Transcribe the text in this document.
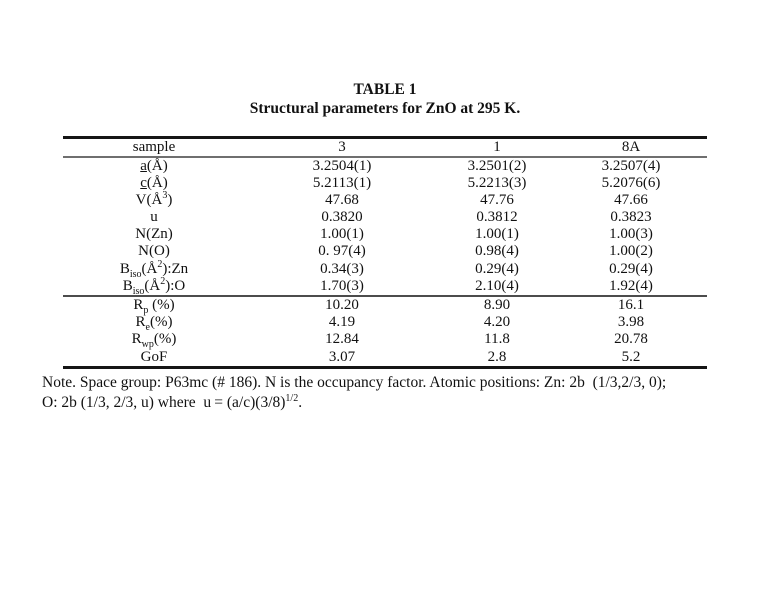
TABLE 1
Structural parameters for ZnO at 295 K.
sample	3	1	8A
a(Å)	3.2504(1)	3.2501(2)	3.2507(4)
c(Å)	5.2113(1)	5.2213(3)	5.2076(6)
$V(Å^3)$	47.68	47.76	47.66
u	0.3820	0.3812	0.3823
N(Zn)	1.00(1)	1.00(1)	1.00(3)
N(O)	0. 97(4)	0.98(4)	1.00(2)
$B_{iso}(Å^2):Zn$	0.34(3)	0.29(4)	0.29(4)
$B_{iso}(Å^2):O$	1.70(3)	2.10(4)	1.92(4)
$R_p$ (%)	10.20	8.90	16.1
$R_e(\%)$	4.19	4.20	3.98
$R_{wp}(\%)$	12.84	11.8	20.78
GoF	3.07	2.8	5.2
Note. Space group: P63mc (# 186). N is the occupancy factor. Atomic positions: Zn: 2b  (1/3,2/3, 0);
O: 2b (1/3, 2/3, u) where  $u = (a/c)(3/8)^{1/2}$.
